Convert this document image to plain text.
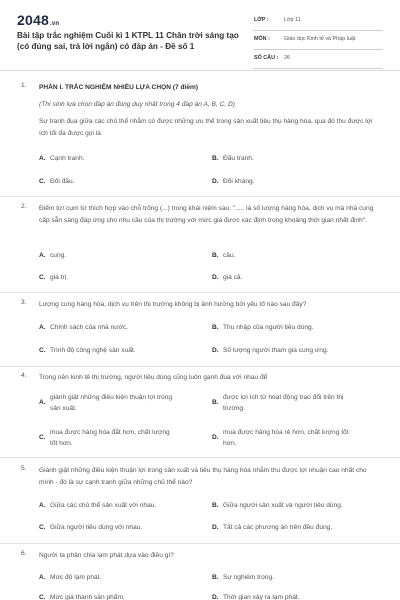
2048.vn
Bài tập trắc nghiệm Cuối kì 1 KTPL 11 Chân trời sáng tạo (có đúng sai, trả lời ngắn) có đáp án - Đề số 1
LỚP :	Lớp 11
MÔN :	Giáo dục Kinh tế và Pháp luật
SỐ CÂU : 26
1. PHẦN I. TRẮC NGHIỆM NHIỀU LỰA CHỌN (7 điểm)
(Thí sinh lựa chọn đáp án đúng duy nhất trong 4 đáp án A, B, C, D)
Sự tranh đua giữa các chủ thể nhằm có được những ưu thế trong sản xuất tiêu thụ hàng hóa, qua đó thu được lợi ích tối đa được gọi là
A. Cạnh tranh.	B. Đấu tranh.
C. Đối đầu.	D. Đối kháng.
2. Điểm từ/ cụm từ thích hợp vào chỗ trống (...) trong khái niệm sau: "..... là số lượng hàng hóa, dịch vụ mà nhà cung cấp sẵn sàng đáp ứng cho nhu cầu của thị trường với mức giá được xác định trong khoảng thời gian nhất định".
A. cung.	B. cầu.
C. giá trị.	D. giá cả.
3. Lượng cung hàng hóa, dịch vụ trên thị trường không bị ảnh hưởng bởi yếu tố nào sau đây?
A. Chính sách của nhà nước.	B. Thu nhập của người tiêu dùng.
C. Trình độ công nghệ sản xuất.	D. Số lượng người tham gia cung ứng.
4. Trong nền kinh tế thị trường, người tiêu dùng cũng luôn ganh đua với nhau để
A.
giành giật những điều kiện thuận lợi trong sản xuất.
B.
được lợi ích từ hoạt động trao đổi trên thị trường.
C.
mua được hàng hóa đắt hơn, chất lượng tốt hơn.
D.
mua được hàng hóa rẻ hơn, chất lượng tốt hơn.
5. Giành giật những điều kiện thuận lợi trong sản xuất và tiêu thụ hàng hóa nhằm thu được lợi nhuận cao nhất cho mình - đó là sự cạnh tranh giữa những chủ thể nào?
A. Giữa các chủ thể sản xuất với nhau.	B. Giữa người sản xuất và người tiêu dùng.
C. Giữa người tiêu dùng với nhau.	D. Tất cả các phương án trên đều đúng.
6. Người ta phân chia lạm phát dựa vào điều gì?
A. Mức độ lạm phát.	B. Sự nghiêm trọng.
C. Mức giá thành sản phẩm.	D. Thời gian xảy ra lạm phát.
